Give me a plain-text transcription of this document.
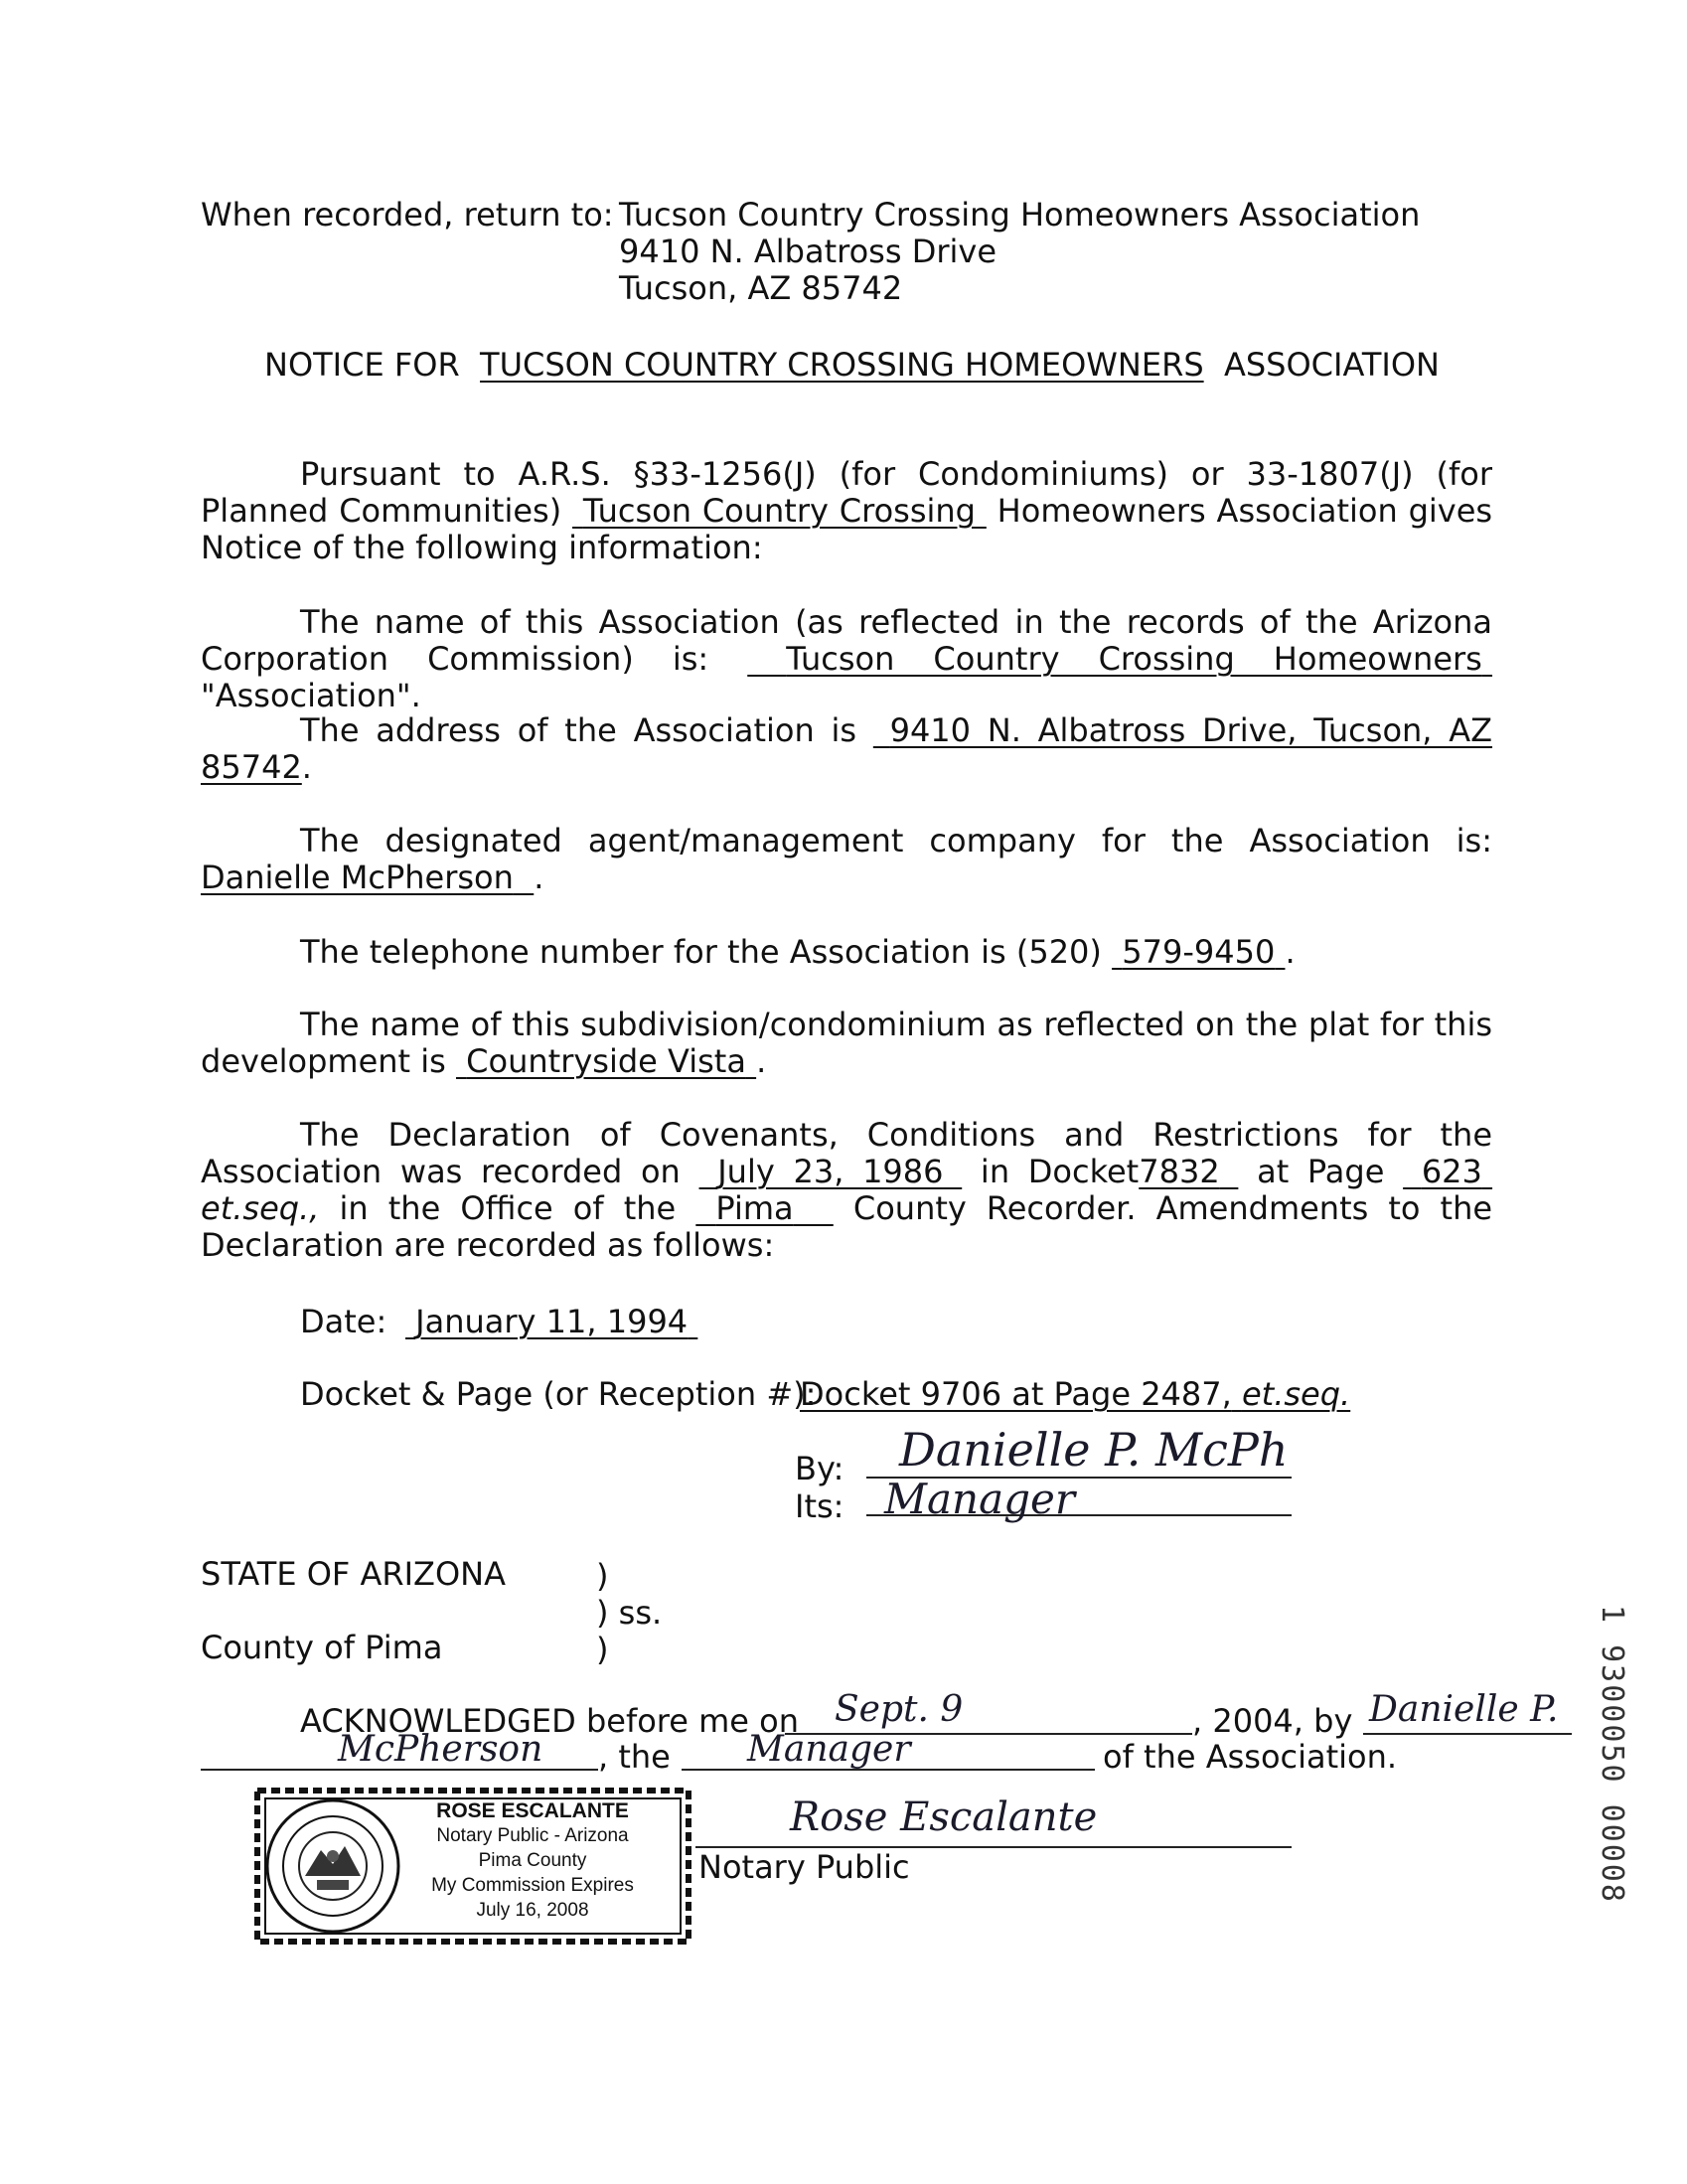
When recorded, return to: Tucson Country Crossing Homeowners Association
9410 N. Albatross Drive
Tucson, AZ 85742
NOTICE FOR TUCSON COUNTRY CROSSING HOMEOWNERS ASSOCIATION
Pursuant to A.R.S. §33-1256(J) (for Condominiums) or 33-1807(J) (for Planned Communities) Tucson Country Crossing Homeowners Association gives Notice of the following information:
The name of this Association (as reflected in the records of the Arizona Corporation Commission) is: Tucson Country Crossing Homeowners  "Association".
The address of the Association is 9410 N. Albatross Drive, Tucson, AZ 85742.
The designated agent/management company for the Association is: Danielle McPherson .
The telephone number for the Association is (520) 579-9450 .
The name of this subdivision/condominium as reflected on the plat for this development is Countryside Vista .
The Declaration of Covenants, Conditions and Restrictions for the Association was recorded on July 23, 1986 in Docket7832 at Page 623  et.seq., in the Office of the Pima County Recorder. Amendments to the Declaration are recorded as follows:
Date: January 11, 1994
Docket & Page (or Reception #):
Docket 9706 at Page 2487, et.seq.
By: Danielle P. McPh
Its: Manager
STATE OF ARIZONA
County of Pima
)
) ss.
)
ACKNOWLEDGED before me on Sept. 9	, 2004, by Danielle P.
McPherson , the Manager	of the Association.
Rose Escalante
Notary Public
ROSE ESCALANTE
Notary Public - Arizona
Pima County
My Commission Expires
July 16, 2008
1 9300050 00008
